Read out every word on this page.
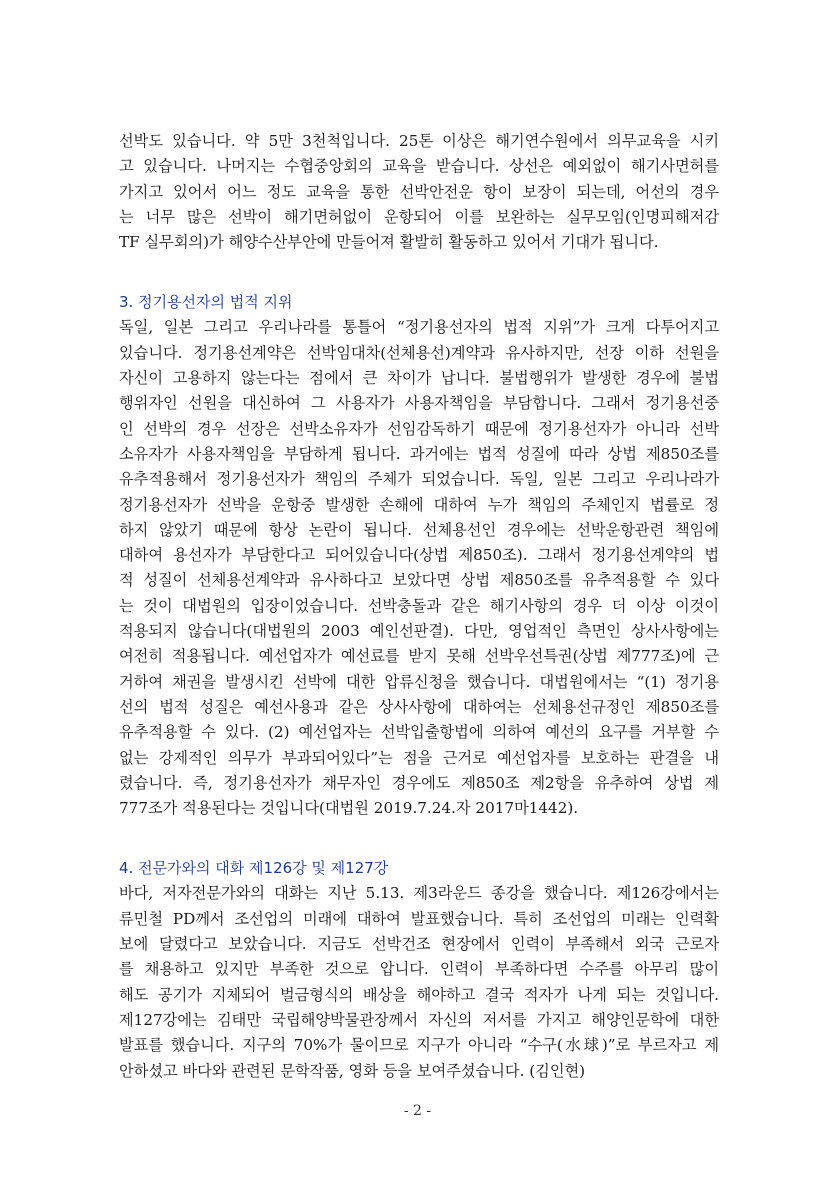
선박도 있습니다. 약 5만 3천척입니다. 25톤 이상은 해기연수원에서 의무교육을 시키
고 있습니다. 나머지는 수협중앙회의 교육을 받습니다. 상선은 예외없이 해기사면허를
가지고 있어서 어느 정도 교육을 통한 선박안전운 항이 보장이 되는데, 어선의 경우
는 너무 많은 선박이 해기면허없이 운항되어 이를 보완하는 실무모임(인명피해저감
TF 실무회의)가 해양수산부안에 만들어져 활발히 활동하고 있어서 기대가 됩니다.
3. 정기용선자의 법적 지위
독일, 일본 그리고 우리나라를 통틀어 “정기용선자의 법적 지위”가 크게 다투어지고
있습니다. 정기용선계약은 선박임대차(선체용선)계약과 유사하지만, 선장 이하 선원을
자신이 고용하지 않는다는 점에서 큰 차이가 납니다. 불법행위가 발생한 경우에 불법
행위자인 선원을 대신하여 그 사용자가 사용자책임을 부담합니다. 그래서 정기용선중
인 선박의 경우 선장은 선박소유자가 선임감독하기 때문에 정기용선자가 아니라 선박
소유자가 사용자책임을 부담하게 됩니다. 과거에는 법적 성질에 따라 상법 제850조를
유추적용해서 정기용선자가 책임의 주체가 되었습니다. 독일, 일본 그리고 우리나라가
정기용선자가 선박을 운항중 발생한 손해에 대하여 누가 책임의 주체인지 법률로 정
하지 않았기 때문에 항상 논란이 됩니다. 선체용선인 경우에는 선박운항관련 책임에
대하여 용선자가 부담한다고 되어있습니다(상법 제850조). 그래서 정기용선계약의 법
적 성질이 선체용선계약과 유사하다고 보았다면 상법 제850조를 유추적용할 수 있다
는 것이 대법원의 입장이었습니다. 선박충돌과 같은 해기사항의 경우 더 이상 이것이
적용되지 않습니다(대법원의 2003 예인선판결). 다만, 영업적인 측면인 상사사항에는
여전히 적용됩니다. 예선업자가 예선료를 받지 못해 선박우선특권(상법 제777조)에 근
거하여 채권을 발생시킨 선박에 대한 압류신청을 했습니다. 대법원에서는 “(1) 정기용
선의 법적 성질은 예선사용과 같은 상사사항에 대하여는 선체용선규정인 제850조를
유추적용할 수 있다. (2) 예선업자는 선박입출항법에 의하여 예선의 요구를 거부할 수
없는 강제적인 의무가 부과되어있다”는 점을 근거로 예선업자를 보호하는 판결을 내
렸습니다. 즉, 정기용선자가 채무자인 경우에도 제850조 제2항을 유추하여 상법 제
777조가 적용된다는 것입니다(대법원 2019.7.24.자 2017마1442).
4. 전문가와의 대화 제126강 및 제127강
바다, 저자전문가와의 대화는 지난 5.13. 제3라운드 종강을 했습니다. 제126강에서는
류민철 PD께서 조선업의 미래에 대하여 발표했습니다. 특히 조선업의 미래는 인력확
보에 달렸다고 보았습니다. 지금도 선박건조 현장에서 인력이 부족해서 외국 근로자
를 채용하고 있지만 부족한 것으로 압니다. 인력이 부족하다면 수주를 아무리 많이
해도 공기가 지체되어 벌금형식의 배상을 해야하고 결국 적자가 나게 되는 것입니다.
제127강에는 김태만 국립해양박물관장께서 자신의 저서를 가지고 해양인문학에 대한
발표를 했습니다. 지구의 70%가 물이므로 지구가 아니라 “수구(水球)”로 부르자고 제
안하셨고 바다와 관련된 문학작품, 영화 등을 보여주셨습니다. (김인현)
- 2 -
